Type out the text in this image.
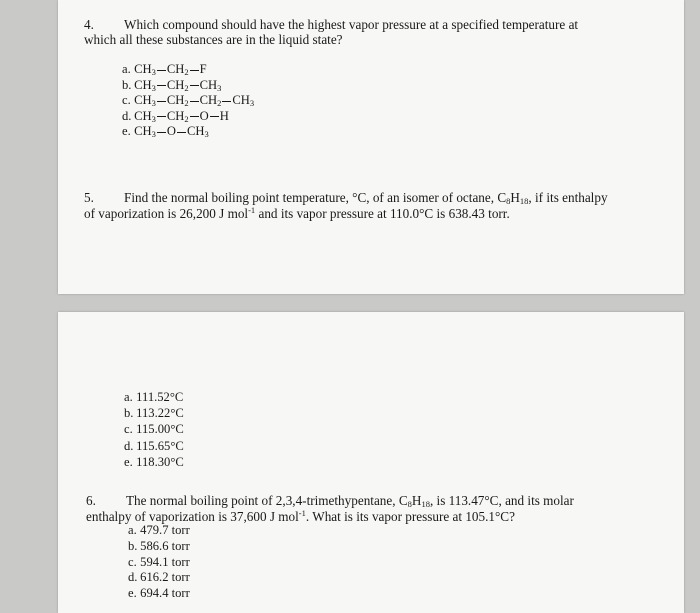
4. Which compound should have the highest vapor pressure at a specified temperature at
which all these substances are in the liquid state?
a. $CH_3$ $CH_2$ F
b. $CH_3$ $CH_2$ $CH_3$
c. $CH_3$ $CH_2$ $CH_2$ $CH_3$
d. $CH_3$ $CH_2$ O H
e. $CH_3$ O $CH_3$
5. Find the normal boiling point temperature, °C, of an isomer of octane, $C_8H_{18}$, if its enthalpy
of vaporization is 26,200 J mol$^{-1}$ and its vapor pressure at 110.0°C is 638.43 torr.
a. 111.52°C
b. 113.22°C
c. 115.00°C
d. 115.65°C
e. 118.30°C
6. The normal boiling point of 2,3,4-trimethypentane, $C_8H_{18}$, is 113.47°C, and its molar
enthalpy of vaporization is 37,600 J mol$^{-1}$. What is its vapor pressure at 105.1°C?
a. 479.7 torr
b. 586.6 torr
c. 594.1 torr
d. 616.2 torr
e. 694.4 torr
